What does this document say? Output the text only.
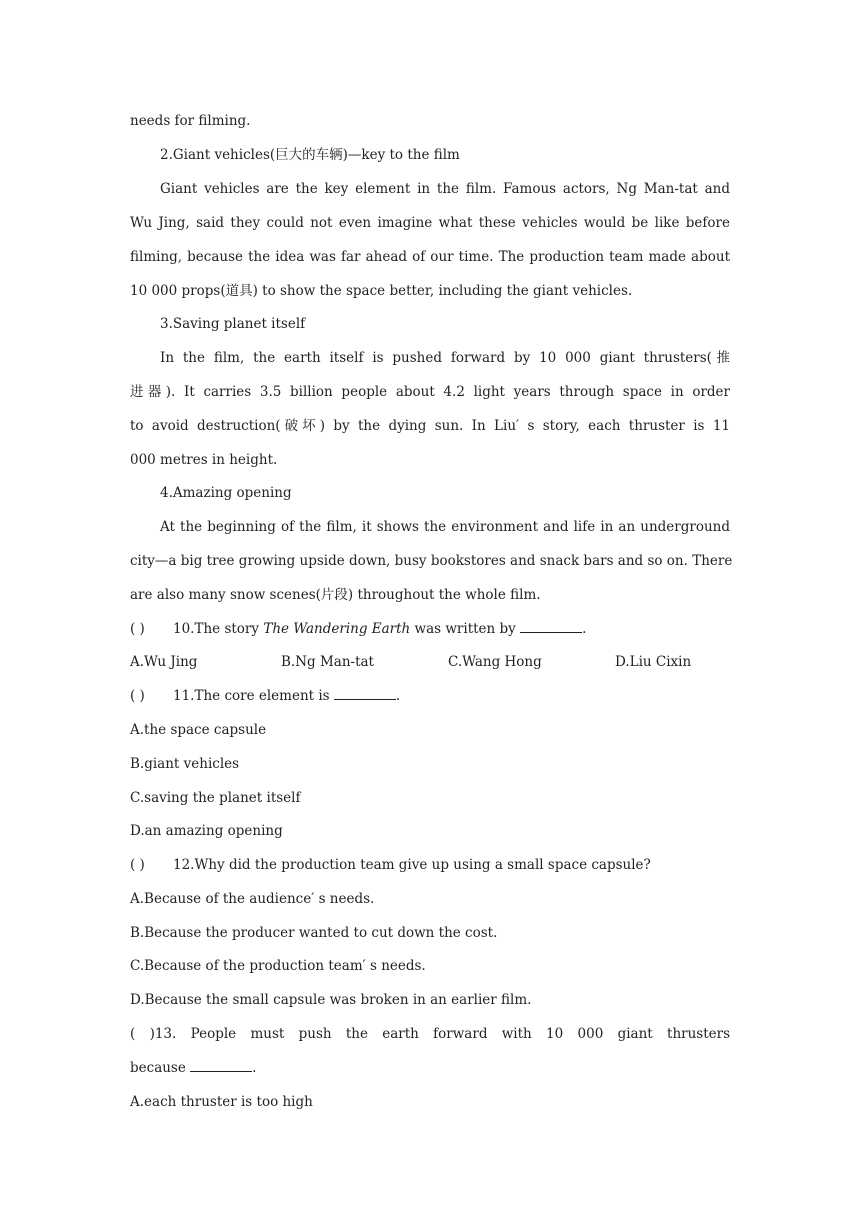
needs for filming.
2.Giant vehicles(巨大的车辆)—key to the film
Giant vehicles are the key element in the film. Famous actors, Ng Man-tat and
Wu Jing, said they could not even imagine what these vehicles would be like before
filming, because the idea was far ahead of our time. The production team made about
10 000 props(道具) to show the space better, including the giant vehicles.
3.Saving planet itself
In the film, the earth itself is pushed forward by 10 000 giant thrusters(推
进器). It carries 3.5 billion people about 4.2 light years through space in order
to avoid destruction(破坏) by the dying sun. In Liu′ s story, each thruster is 11
000 metres in height.
4.Amazing opening
At the beginning of the film, it shows the environment and life in an underground
city—a big tree growing upside down, busy bookstores and snack bars and so on. There
are also many snow scenes(片段) throughout the whole film.
( ) 10.The story The Wandering Earth was written by	.
A.Wu Jing	B.Ng Man-tat	C.Wang Hong	D.Liu Cixin
( ) 11.The core element is	.
A.the space capsule
B.giant vehicles
C.saving the planet itself
D.an amazing opening
( ) 12.Why did the production team give up using a small space capsule?
A.Because of the audience′ s needs.
B.Because the producer wanted to cut down the cost.
C.Because of the production team′ s needs.
D.Because the small capsule was broken in an earlier film.
( )13. People must push the earth forward with 10 000 giant thrusters
because	.
A.each thruster is too high
